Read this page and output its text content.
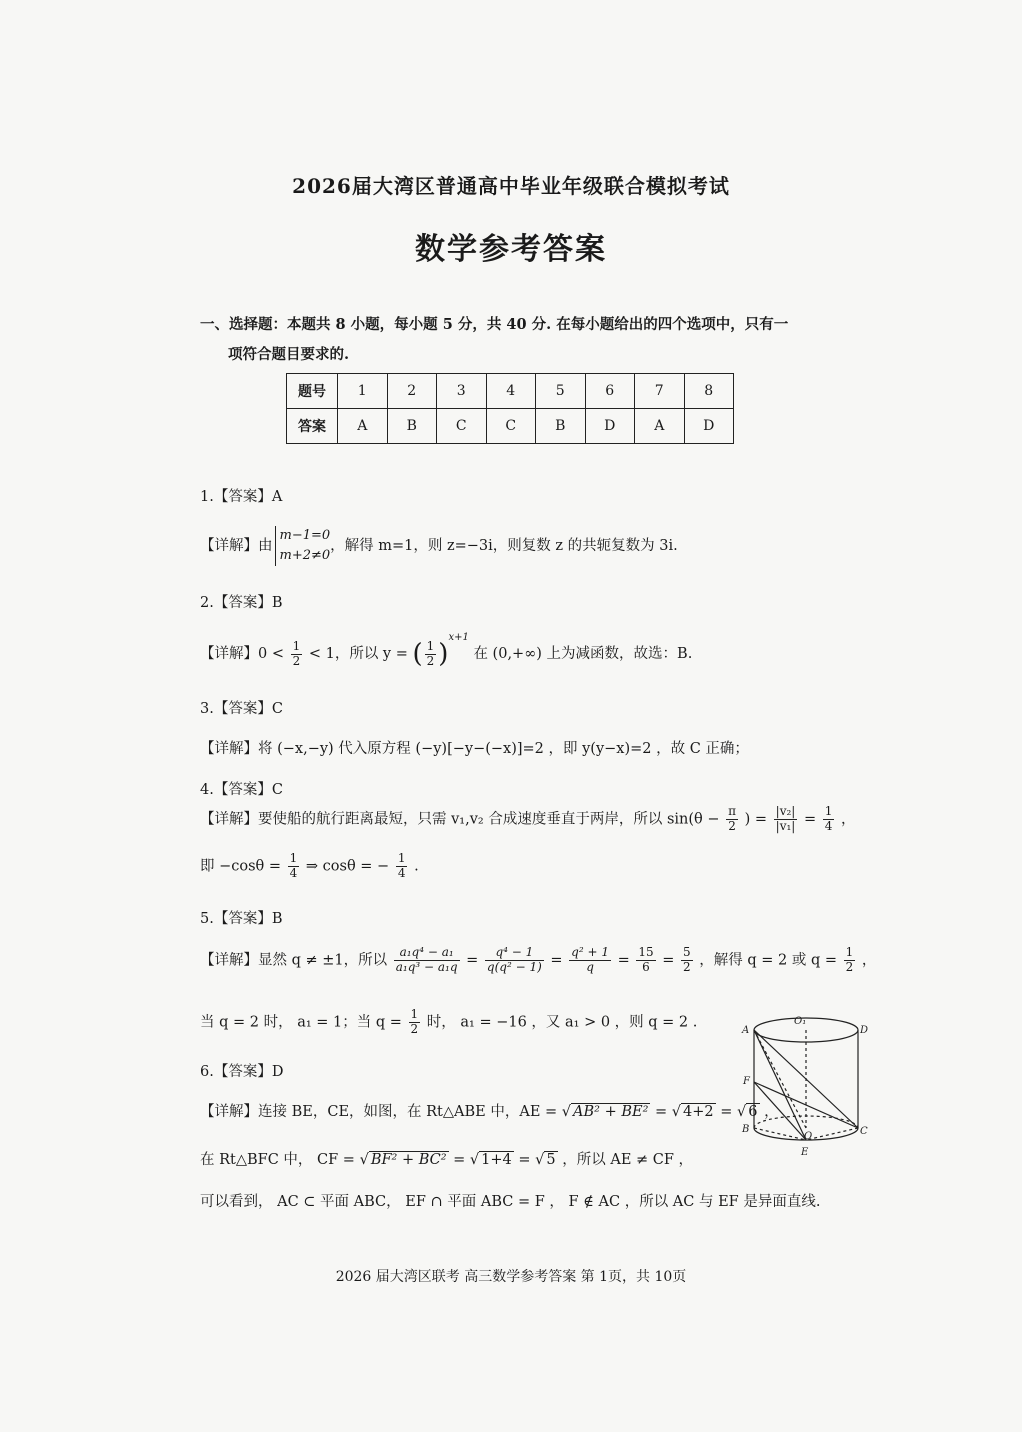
2026届大湾区普通高中毕业年级联合模拟考试
数学参考答案
一、选择题：本题共 8 小题，每小题 5 分，共 40 分. 在每小题给出的四个选项中，只有一
项符合题目要求的.
题号	1	2	3	4	5	6	7	8
答案	A	B	C	C	B	D	A	D
1.【答案】A
【详解】由m−1=0
m+2≠0，解得 m=1，则 z=−3i，则复数 z 的共轭复数为 3i.
2.【答案】B
【详解】$0 < \frac{1}{2} < 1$，所以 y = ( $\frac{1}{2} )^{x+1}$ 在 (0,+∞) 上为减函数，故选：B.
3.【答案】C
【详解】将 (−x,−y) 代入原方程 (−y)[−y−(−x)]=2 ，即 y(y−x)=2 ，故 C 正确；
4.【答案】C
【详解】要使船的航行距离最短，只需 v₁,v₂ 合成速度垂直于两岸，所以 $\sin(\theta - \frac{\pi}{2}$ ) = $\frac{\text{|v₂|}}{\text{|v₁|}} = \frac{1}{4}$ ，
即 $-\cos\theta = \frac{1}{4}$ ⇒ cosθ = − $\frac{1}{4}$ .
5.【答案】B
【详解】显然 q ≠ ±1，所以 $\frac{\text{a₁q⁴ − a₁}}{\text{a₁q³ − a₁q}} = \frac{\text{q⁴ − 1}}{\text{q(q² − 1)}} = \frac{\text{q² + 1}}{q} = \frac{15}{6} = \frac{5}{2}$ ，解得 q = 2 或 $q = \frac{1}{2}$ ，
当 q = 2 时， a₁ = 1；当 $q = \frac{1}{2}$ 时， a₁ = −16 ，又 a₁ > 0 ，则 q = 2 .
6.【答案】D
【详解】连接 BE，CE，如图，在 Rt△ABE 中，AE = √ AB² + BE² = √ 4+2 = √ 6 ，
在 Rt△BFC 中， CF = √ BF² + BC² = √ 1+4 = √ 5 ，所以 AE ≠ CF ，
可以看到， AC ⊂ 平面 ABC， EF ∩ 平面 ABC = F ， F ∉ AC ，所以 AC 与 EF 是异面直线.
A	D
O₁
F
B	C
O
E
2026 届大湾区联考 高三数学参考答案 第 1页，共 10页
